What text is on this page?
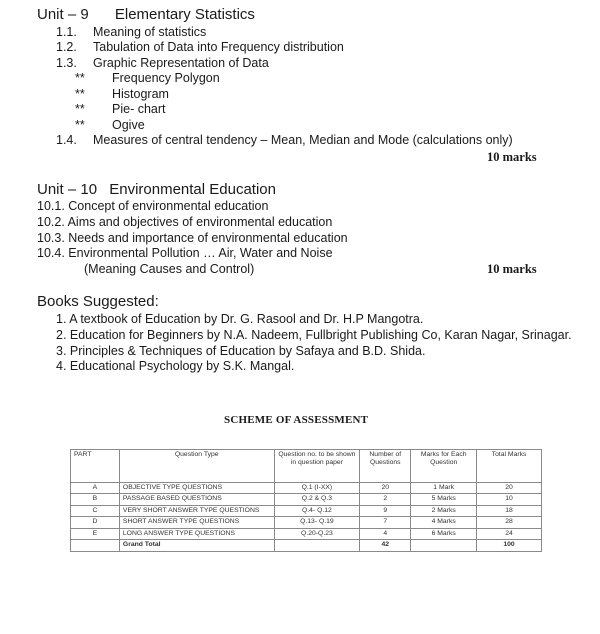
Unit – 9 Elementary Statistics
1.1. Meaning of statistics
1.2. Tabulation of Data into Frequency distribution
1.3. Graphic Representation of Data
** Frequency Polygon
** Histogram
** Pie- chart
** Ogive
1.4. Measures of central tendency – Mean, Median and Mode (calculations only)
10 marks
Unit – 10 Environmental Education
10.1. Concept of environmental education
10.2. Aims and objectives of environmental education
10.3. Needs and importance of environmental education
10.4. Environmental Pollution … Air, Water and Noise
(Meaning Causes and Control)	10 marks
Books Suggested:
1. A textbook of Education by Dr. G. Rasool and Dr. H.P Mangotra.
2. Education for Beginners by N.A. Nadeem, Fullbright Publishing Co, Karan Nagar, Srinagar.
3. Principles & Techniques of Education by Safaya and B.D. Shida.
4. Educational Psychology by S.K. Mangal.
SCHEME OF ASSESSMENT
PART	Question Type	Question no. to be shown in question paper	Number of Questions	Marks for Each Question	Total Marks
A	OBJECTIVE TYPE QUESTIONS	Q.1 (I-XX)	20	1 Mark	20
B	PASSAGE BASED QUESTIONS	Q.2 & Q.3	2	5 Marks	10
C	VERY SHORT ANSWER TYPE QUESTIONS	Q.4- Q.12	9	2 Marks	18
D	SHORT ANSWER TYPE QUESTIONS	Q.13- Q.19	7	4 Marks	28
E	LONG ANSWER TYPE QUESTIONS	Q.20-Q.23	4	6 Marks	24
	Grand Total		42		100
